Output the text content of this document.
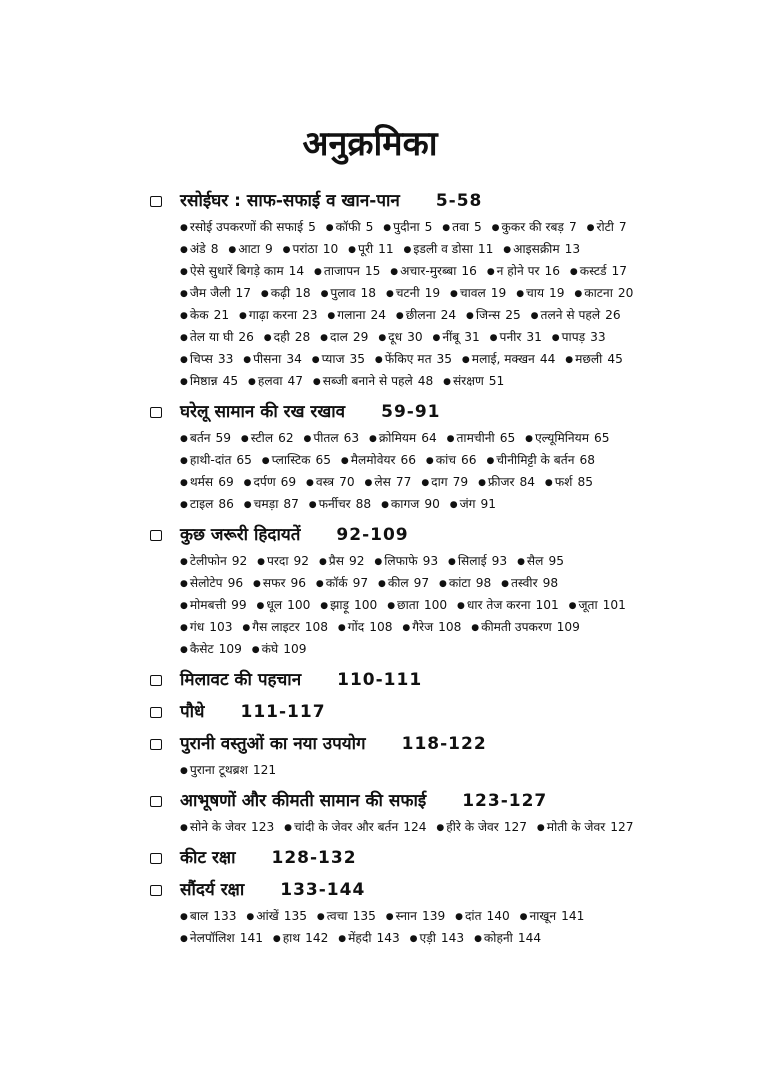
अनुक्रमिका
रसोईघर : साफ-सफाई व खान-पान 5-58
● रसोई उपकरणों की सफाई 5 ● कॉफी 5 ● पुदीना 5 ● तवा 5 ● कुकर की रबड़ 7 ● रोटी 7 ● अंडे 8 ● आटा 9 ● परांठा 10 ● पूरी 11 ● इडली व डोसा 11 ● आइसक्रीम 13 ● ऐसे सुधारें बिगड़े काम 14 ● ताजापन 15 ● अचार-मुरब्बा 16 ● न होने पर 16 ● कस्टर्ड 17 ● जैम जैली 17 ● कढ़ी 18 ● पुलाव 18 ● चटनी 19 ● चावल 19 ● चाय 19 ● काटना 20 ● केक 21 ● गाढ़ा करना 23 ● गलाना 24 ● छीलना 24 ● जिन्स 25 ● तलने से पहले 26 ● तेल या घी 26 ● दही 28 ● दाल 29 ● दूध 30 ● नींबू 31 ● पनीर 31 ● पापड़ 33 ● चिप्स 33 ● पीसना 34 ● प्याज 35 ● फेंकिए मत 35 ● मलाई, मक्खन 44 ● मछली 45 ● मिष्ठान्न 45 ● हलवा 47 ● सब्जी बनाने से पहले 48 ● संरक्षण 51
घरेलू सामान की रख रखाव 59-91
● बर्तन 59 ● स्टील 62 ● पीतल 63 ● क्रोमियम 64 ● तामचीनी 65 ● एल्यूमिनियम 65 ● हाथी-दांत 65 ● प्लास्टिक 65 ● मैलमोवेयर 66 ● कांच 66 ● चीनीमिट्टी के बर्तन 68 ● थर्मस 69 ● दर्पण 69 ● वस्त्र 70 ● लेस 77 ● दाग 79 ● फ्रीजर 84 ● फर्श 85 ● टाइल 86 ● चमड़ा 87 ● फर्नीचर 88 ● कागज 90 ● जंग 91
कुछ जरूरी हिदायतें 92-109
● टेलीफोन 92 ● परदा 92 ● प्रैस 92 ● लिफाफे 93 ● सिलाई 93 ● सैल 95 ● सेलोटेप 96 ● सफर 96 ● कॉर्क 97 ● कील 97 ● कांटा 98 ● तस्वीर 98 ● मोमबत्ती 99 ● धूल 100 ● झाड़ू 100 ● छाता 100 ● धार तेज करना 101 ● जूता 101 ● गंध 103 ● गैस लाइटर 108 ● गोंद 108 ● गैरेज 108 ● कीमती उपकरण 109 ● कैसेट 109 ● कंघे 109
मिलावट की पहचान 110-111
पौधे 111-117
पुरानी वस्तुओं का नया उपयोग 118-122
● पुराना टूथब्रश 121
आभूषणों और कीमती सामान की सफाई 123-127
● सोने के जेवर 123 ● चांदी के जेवर और बर्तन 124 ● हीरे के जेवर 127 ● मोती के जेवर 127
कीट रक्षा 128-132
सौंदर्य रक्षा 133-144
● बाल 133 ● आंखें 135 ● त्वचा 135 ● स्नान 139 ● दांत 140 ● नाखून 141 ● नेलपॉलिश 141 ● हाथ 142 ● मेंहदी 143 ● एड़ी 143 ● कोहनी 144
